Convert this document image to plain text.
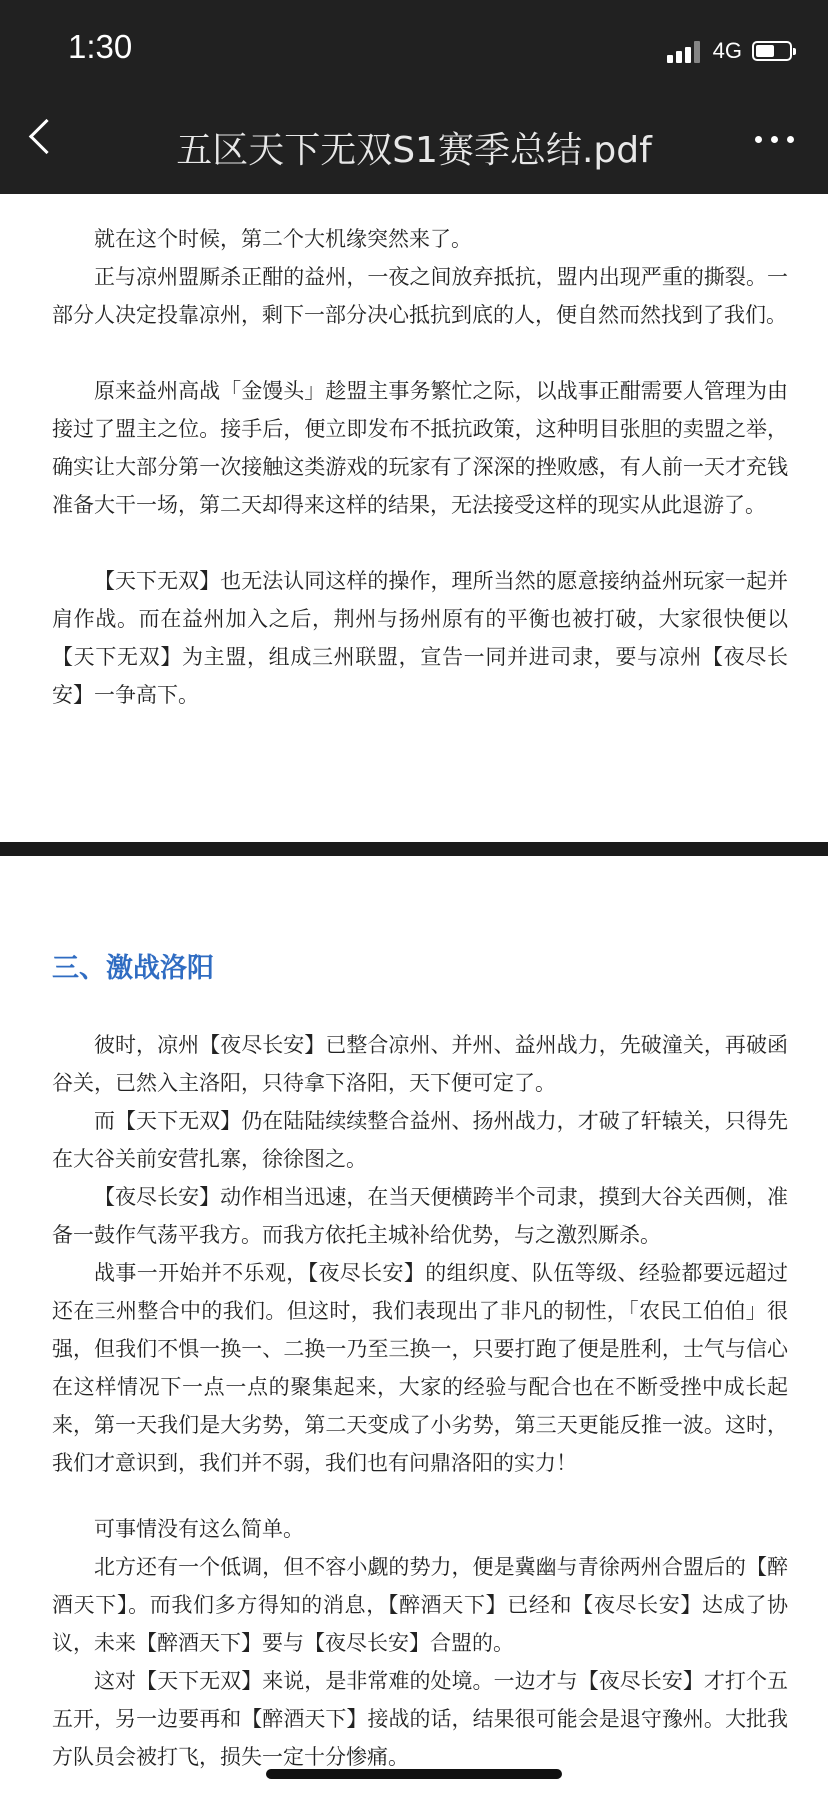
1:30	4G
五区天下无双S1赛季总结.pdf

就在这个时候，第二个大机缘突然来了。

正与凉州盟厮杀正酣的益州，一夜之间放弃抵抗，盟内出现严重的撕裂。一部分人决定投靠凉州，剩下一部分决心抵抗到底的人，便自然而然找到了我们。

原来益州高战「金馒头」趁盟主事务繁忙之际，以战事正酣需要人管理为由接过了盟主之位。接手后，便立即发布不抵抗政策，这种明目张胆的卖盟之举，确实让大部分第一次接触这类游戏的玩家有了深深的挫败感，有人前一天才充钱准备大干一场，第二天却得来这样的结果，无法接受这样的现实从此退游了。

【天下无双】也无法认同这样的操作，理所当然的愿意接纳益州玩家一起并肩作战。而在益州加入之后，荆州与扬州原有的平衡也被打破，大家很快便以【天下无双】为主盟，组成三州联盟，宣告一同并进司隶，要与凉州【夜尽长安】一争高下。

三、激战洛阳

彼时，凉州【夜尽长安】已整合凉州、并州、益州战力，先破潼关，再破函谷关，已然入主洛阳，只待拿下洛阳，天下便可定了。

而【天下无双】仍在陆陆续续整合益州、扬州战力，才破了轩辕关，只得先在大谷关前安营扎寨，徐徐图之。

【夜尽长安】动作相当迅速，在当天便横跨半个司隶，摸到大谷关西侧，准备一鼓作气荡平我方。而我方依托主城补给优势，与之激烈厮杀。

战事一开始并不乐观，【夜尽长安】的组织度、队伍等级、经验都要远超过还在三州整合中的我们。但这时，我们表现出了非凡的韧性，「农民工伯伯」很强，但我们不惧一换一、二换一乃至三换一，只要打跑了便是胜利，士气与信心在这样情况下一点一点的聚集起来，大家的经验与配合也在不断受挫中成长起来，第一天我们是大劣势，第二天变成了小劣势，第三天更能反推一波。这时，我们才意识到，我们并不弱，我们也有问鼎洛阳的实力！

可事情没有这么简单。

北方还有一个低调，但不容小觑的势力，便是冀幽与青徐两州合盟后的【醉酒天下】。而我们多方得知的消息，【醉酒天下】已经和【夜尽长安】达成了协议，未来【醉酒天下】要与【夜尽长安】合盟的。

这对【天下无双】来说，是非常难的处境。一边才与【夜尽长安】才打个五五开，另一边要再和【醉酒天下】接战的话，结果很可能会是退守豫州。大批我方队员会被打飞，损失一定十分惨痛。
